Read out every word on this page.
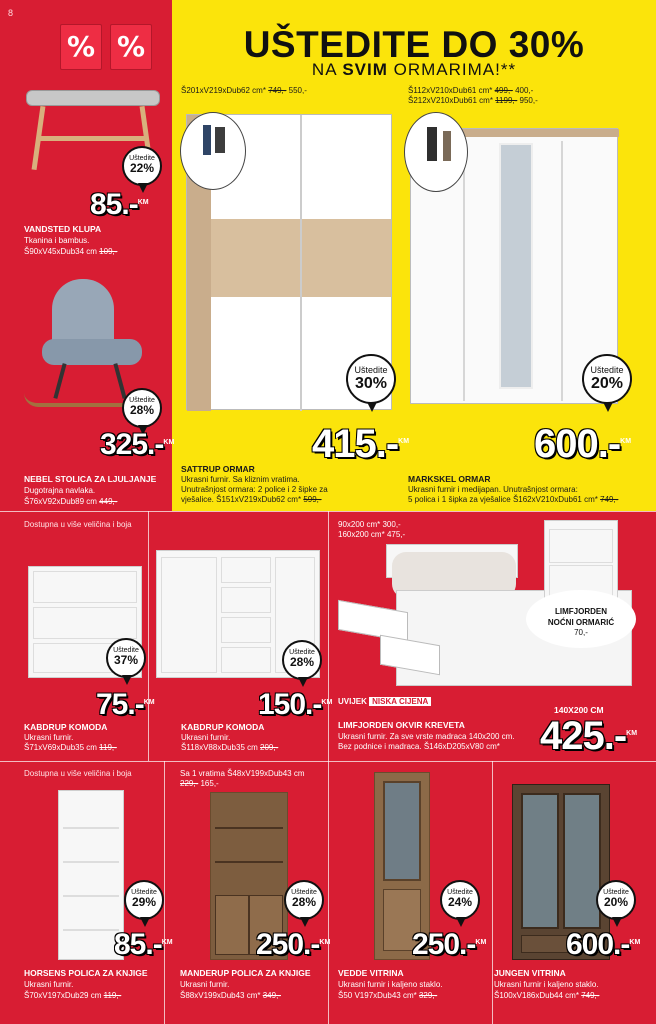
8
% %	UŠTEDITE DO 30%
NA SVIM ORMARIMA!**
Uštedite
22%
85.-$^{KM}$
VANDSTED KLUPA
Tkanina i bambus.
Š90xV45xDub34 cm 109,-
Uštedite
28%
325.-$^{KM}$
NEBEL STOLICA ZA LJULJANJE
Dugotrajna navlaka.
Š76xV92xDub89 cm 449,-
Š201xV219xDub62 cm* 749,- 550,-
Uštedite
30%
415.-$^{KM}$
SATTRUP ORMAR
Ukrasni furnir. Sa kliznim vratima.
Unutrašnjost ormara: 2 police i 2 šipke za
vješalice. Š151xV219xDub62 cm* 599,-
Š112xV210xDub61 cm* 499,- 400,-
Š212xV210xDub61 cm* 1199,- 950,-
Uštedite
20%
600.-$^{KM}$
MARKSKEL ORMAR
Ukrasni furnir i medijapan. Unutrašnjost ormara:
5 polica i 1 šipka za vješalice Š162xV210xDub61 cm* 749,-
Dostupna u više veličina i boja
Uštedite
37%
75.-$^{KM}$
KABDRUP KOMODA
Ukrasni furnir.
Š71xV69xDub35 cm 119,-
Uštedite
28%
150.-$^{KM}$
KABDRUP KOMODA
Ukrasni furnir.
Š118xV88xDub35 cm 209,-
90x200 cm* 300,-
160x200 cm* 475,-
LIMFJORDEN
NOĆNI ORMARIĆ
70,-
UVIJEK NISKA CIJENA
140X200 CM
425.-$^{KM}$
LIMFJORDEN OKVIR KREVETA
Ukrasni furnir. Za sve vrste madraca 140x200 cm.
Bez podnice i madraca. Š146xD205xV80 cm*
Dostupna u više veličina i boja
Uštedite
29%
85.-$^{KM}$
HORSENS POLICA ZA KNJIGE
Ukrasni furnir.
Š70xV197xDub29 cm 119,-
Sa 1 vratima Š48xV199xDub43 cm
229,- 165,-
Uštedite
28%
250.-$^{KM}$
MANDERUP POLICA ZA KNJIGE
Ukrasni furnir.
Š88xV199xDub43 cm* 349,-
Uštedite
24%
250.-$^{KM}$
VEDDE VITRINA
Ukrasni furnir i kaljeno staklo.
Š50 V197xDub43 cm* 329,-
Uštedite
20%
600.-$^{KM}$
JUNGEN VITRINA
Ukrasni furnir i kaljeno staklo.
Š100xV186xDub44 cm* 749,-
